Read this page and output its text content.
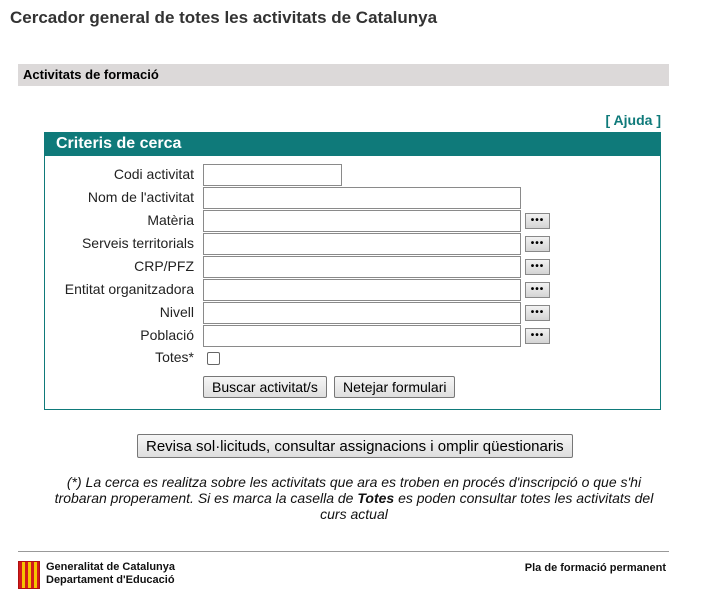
Cercador general de totes les activitats de Catalunya
Activitats de formació
[ Ajuda ]
Criteris de cerca
Codi activitat
Nom de l'activitat
Matèria	•••
Serveis territorials	•••
CRP/PFZ	•••
Entitat organitzadora	•••
Nivell	•••
Població	•••
Totes*
Buscar activitat/s	Netejar formulari
Revisa sol·licituds, consultar assignacions i omplir qüestionaris
(*) La cerca es realitza sobre les activitats que ara es troben en procés d'inscripció o que s'hi trobaran properament. Si es marca la casella de Totes es poden consultar totes les activitats del curs actual
Generalitat de Catalunya
Departament d'Educació
Pla de formació permanent
